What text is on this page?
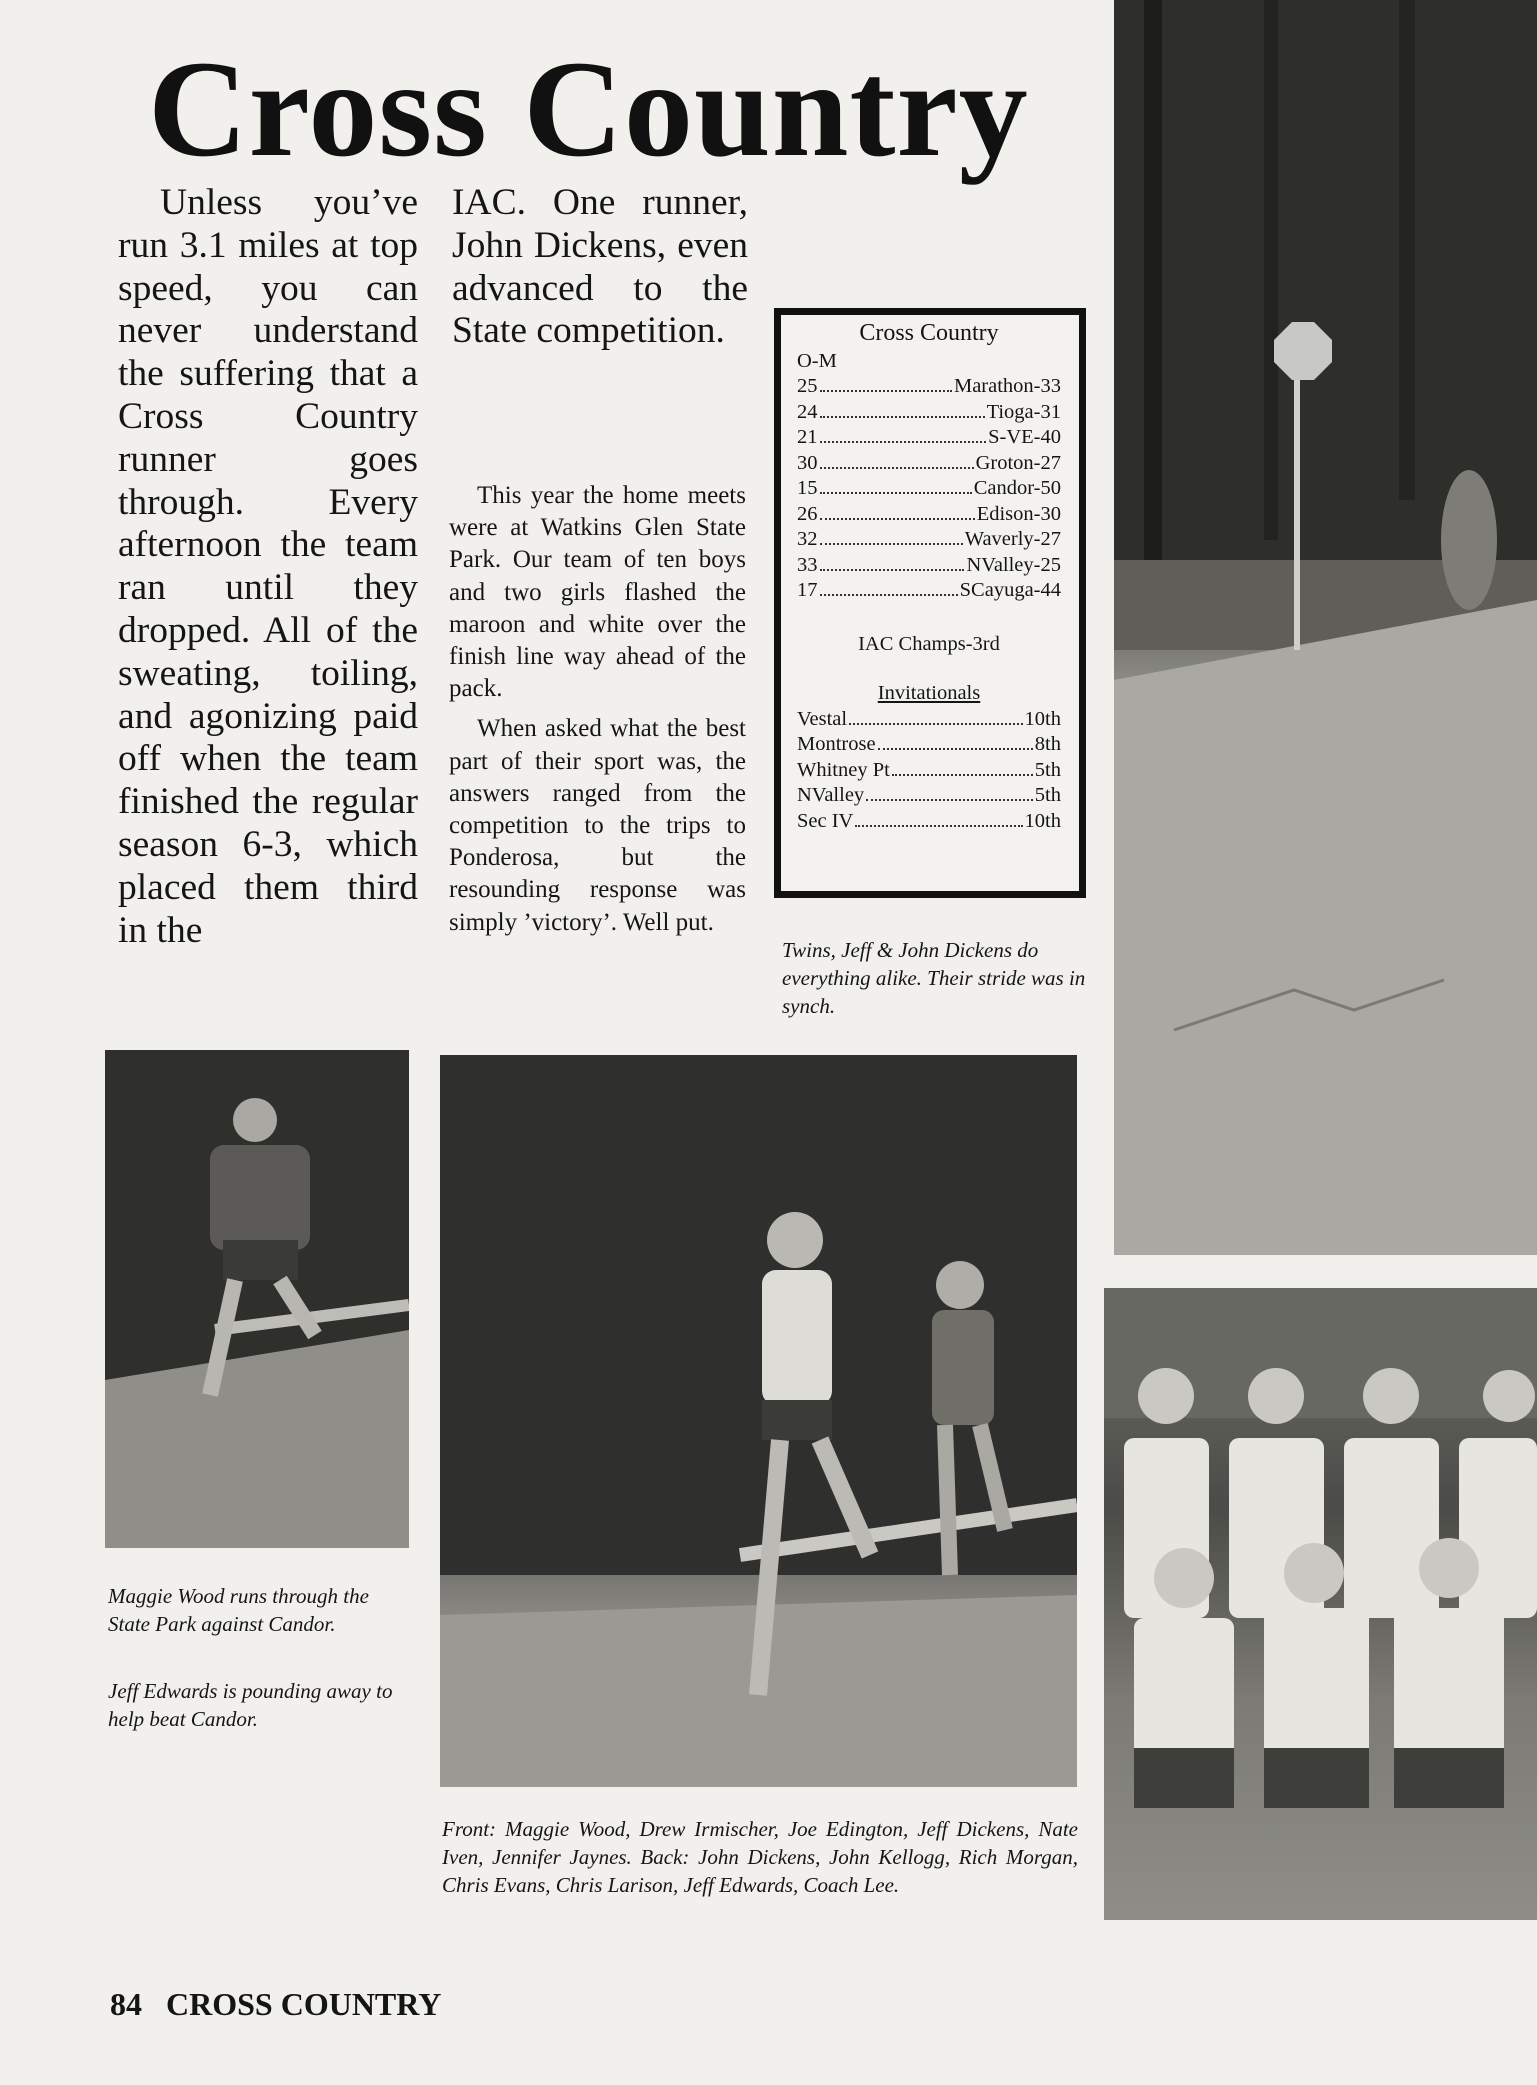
Cross Country
Unless you’ve run 3.1 miles at top speed, you can never understand the suffering that a Cross Country runner goes through. Every afternoon the team ran until they dropped. All of the sweating, toiling, and agonizing paid off when the team finished the regular season 6-3, which placed them third in the
IAC. One runner, John Dickens, even advanced to the State competition.

This year the home meets were at Watkins Glen State Park. Our team of ten boys and two girls flashed the maroon and white over the finish line way ahead of the pack.

When asked what the best part of their sport was, the answers ranged from the competition to the trips to Ponderosa, but the resounding response was simply ’victory’. Well put.

Cross Country
O-M
25	Marathon-33
24	Tioga-31
21	S-VE-40
30	Groton-27
15	Candor-50
26	Edison-30
32	Waverly-27
33	NValley-25
17	SCayuga-44
IAC Champs-3rd
Invitationals
Vestal	10th
Montrose	8th
Whitney Pt	5th
NValley	5th
Sec IV	10th
Twins, Jeff & John Dickens do everything alike. Their stride was in synch.
Maggie Wood runs through the State Park against Candor.
Jeff Edwards is pounding away to help beat Candor.
Front: Maggie Wood, Drew Irmischer, Joe Edington, Jeff Dickens, Nate Iven, Jennifer Jaynes. Back: John Dickens, John Kellogg, Rich Morgan, Chris Evans, Chris Larison, Jeff Edwards, Coach Lee.
84 CROSS COUNTRY
